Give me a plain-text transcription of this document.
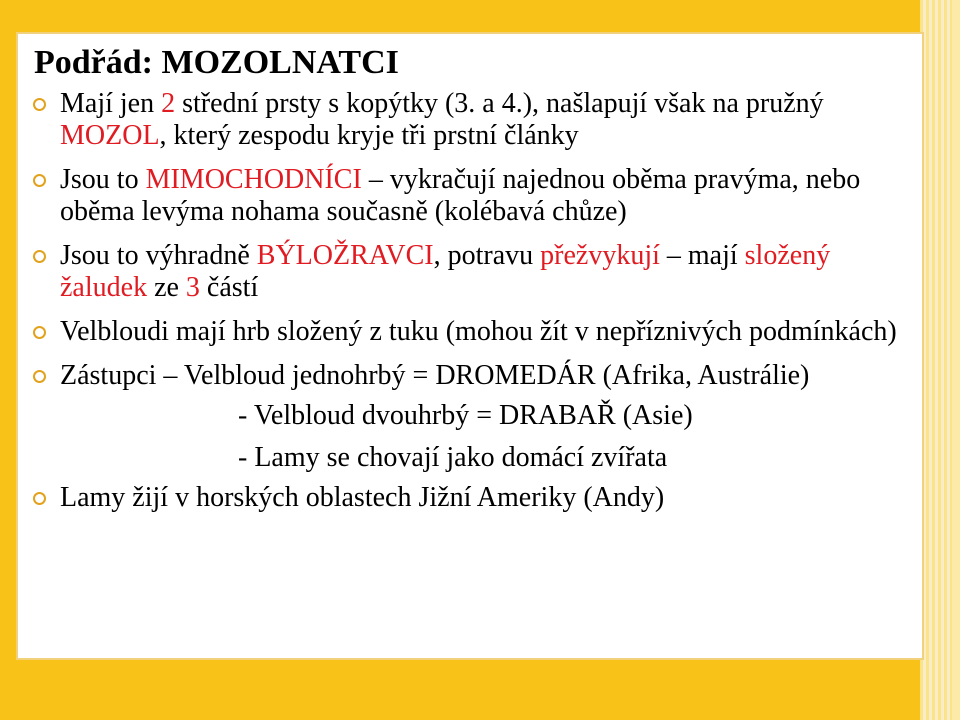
Podřád: MOZOLNATCI
Mají jen 2 střední prsty s kopýtky (3. a 4.), našlapují však na pružný MOZOL, který zespodu kryje tři prstní články
Jsou to MIMOCHODNÍCI – vykračují najednou oběma pravýma, nebo oběma levýma nohama současně (kolébavá chůze)
Jsou to výhradně BÝLOŽRAVCI, potravu přežvykují – mají složený žaludek ze 3 částí
Velbloudi mají hrb složený z tuku (mohou žít v nepříznivých podmínkách)
Zástupci – Velbloud jednohrbý = DROMEDÁR (Afrika, Austrálie)
- Velbloud dvouhrbý = DRABAŘ (Asie)
- Lamy se chovají jako domácí zvířata
Lamy žijí v horských oblastech Jižní Ameriky (Andy)
